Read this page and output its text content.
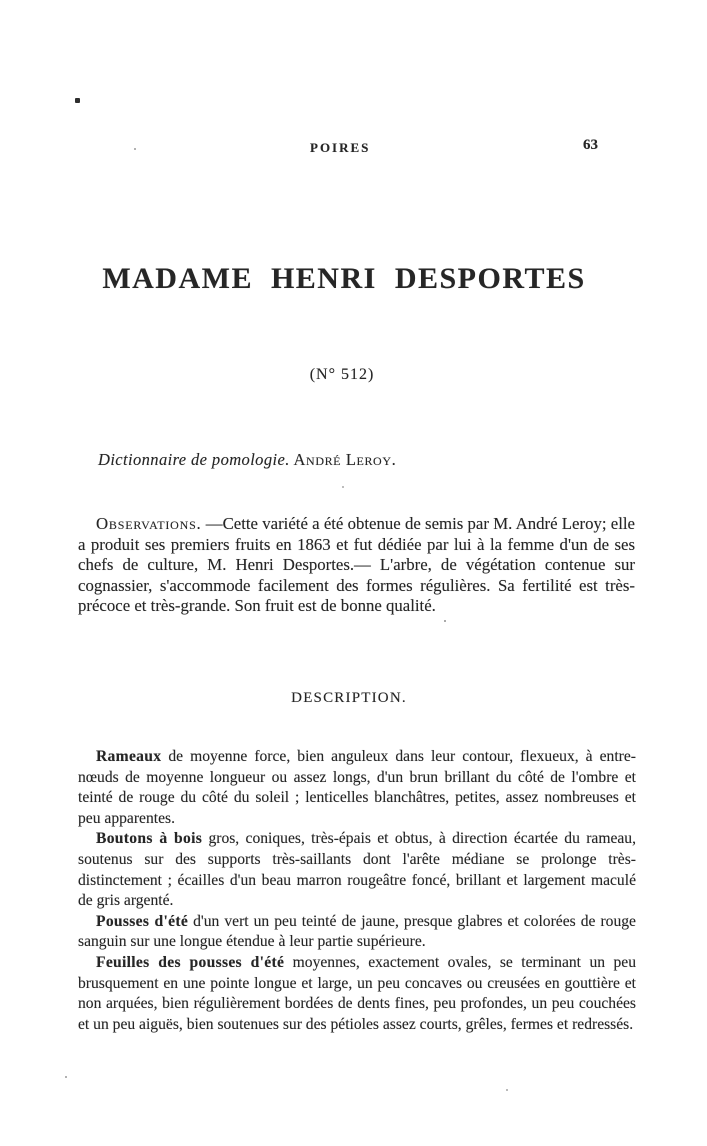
POIRES	63
MADAME HENRI DESPORTES
(N° 512)
Dictionnaire de pomologie. André Leroy.

Observations. —Cette variété a été obtenue de semis par M. André Leroy; elle a produit ses premiers fruits en 1863 et fut dédiée par lui à la femme d'un de ses chefs de culture, M. Henri Desportes.— L'arbre, de végétation contenue sur cognassier, s'accommode facilement des formes régulières. Sa fertilité est très-précoce et très-grande. Son fruit est de bonne qualité.

DESCRIPTION.

Rameaux de moyenne force, bien anguleux dans leur contour, flexueux, à entre-nœuds de moyenne longueur ou assez longs, d'un brun brillant du côté de l'ombre et teinté de rouge du côté du soleil ; lenticelles blanchâtres, petites, assez nombreuses et peu apparentes.

Boutons à bois gros, coniques, très-épais et obtus, à direction écartée du rameau, soutenus sur des supports très-saillants dont l'arête médiane se prolonge très-distinctement ; écailles d'un beau marron rougeâtre foncé, brillant et largement maculé de gris argenté.

Pousses d'été d'un vert un peu teinté de jaune, presque glabres et colorées de rouge sanguin sur une longue étendue à leur partie supérieure.

Feuilles des pousses d'été moyennes, exactement ovales, se terminant un peu brusquement en une pointe longue et large, un peu concaves ou creusées en gouttière et non arquées, bien régulièrement bordées de dents fines, peu profondes, un peu couchées et un peu aiguës, bien soutenues sur des pétioles assez courts, grêles, fermes et redressés.
